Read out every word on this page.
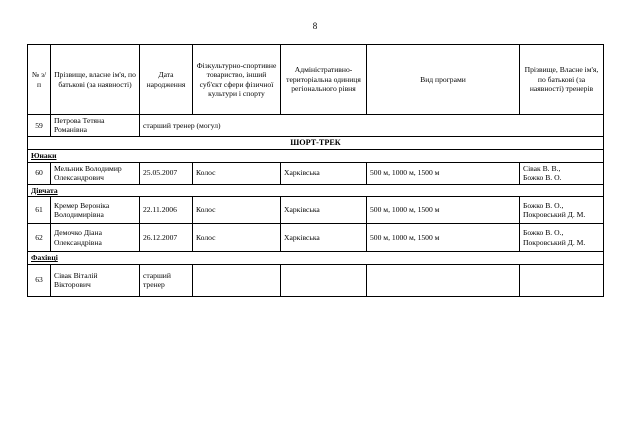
8
№ з/п	Прізвище, власне ім'я, по батькові (за наявності)	Дата народження	Фізкультурно-спортивне товариство, інший суб'єкт сфери фізичної культури і спорту	Адміністративно-територіальна одиниця регіонального рівня	Вид програми	Прізвище, Власне ім'я, по батькові (за наявності) тренерів
59	Петрова Тетяна Романівна	старший тренер (могул)				
ШОРТ-ТРЕК						
Юнаки						
60	Мельник Володимир Олександрович	25.05.2007	Колос	Харківська	500 м, 1000 м, 1500 м	Сівак В. В.,
Божко В. О.

Дівчата						
61	Кремер Вероніка Володимирівна	22.11.2006	Колос	Харківська	500 м, 1000 м, 1500 м	Божко В. О.,
Покровський Д. М.

62	Демочко Діана Олександрівна	26.12.2007	Колос	Харківська	500 м, 1000 м, 1500 м	Божко В. О.,
Покровський Д. М.

Фахівці						
63	Сівак Віталій Вікторович	старший тренер				
